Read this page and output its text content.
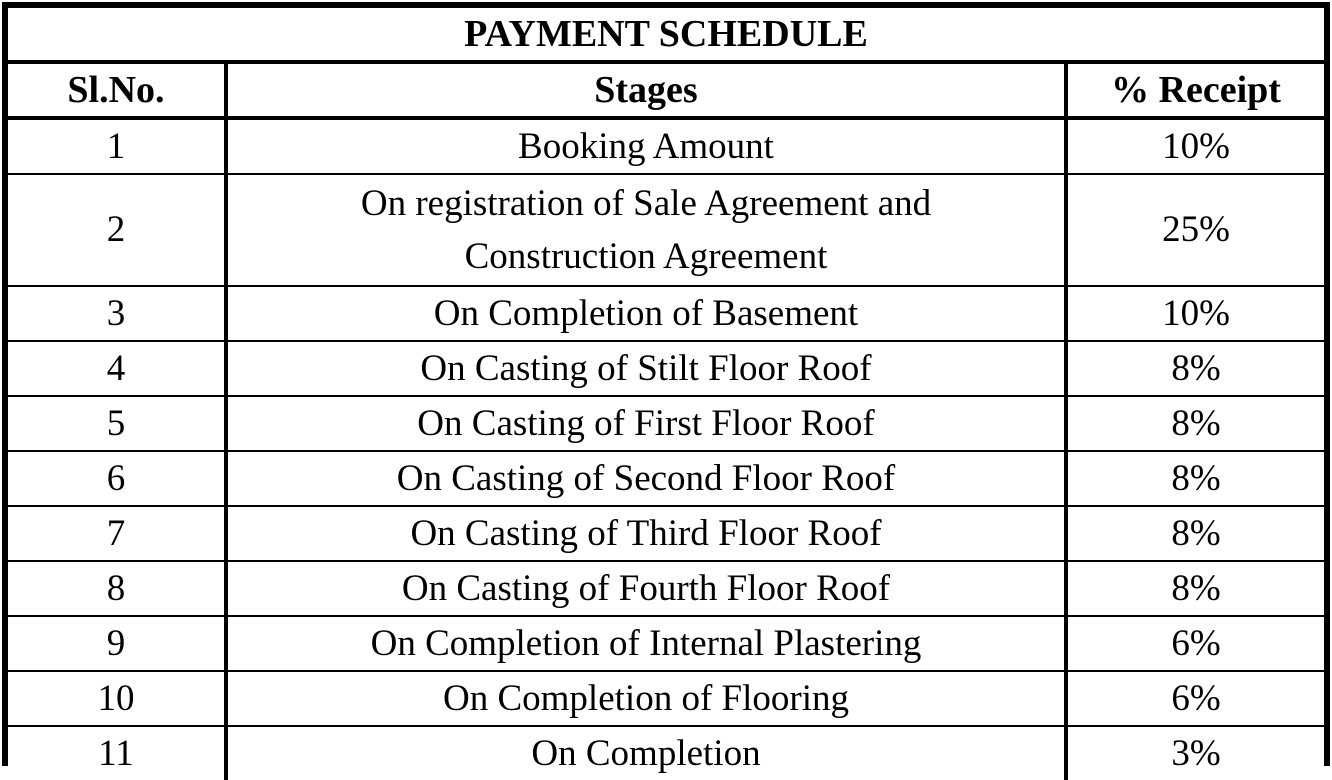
PAYMENT SCHEDULE		
Sl.No.	Stages	% Receipt
1	Booking Amount	10%
2	On registration of Sale Agreement and
Construction Agreement	25%
3	On Completion of Basement	10%
4	On Casting of Stilt Floor Roof	8%
5	On Casting of First Floor Roof	8%
6	On Casting of Second Floor Roof	8%
7	On Casting of Third Floor Roof	8%
8	On Casting of Fourth Floor Roof	8%
9	On Completion of Internal Plastering	6%
10	On Completion of Flooring	6%
11	On Completion	3%
